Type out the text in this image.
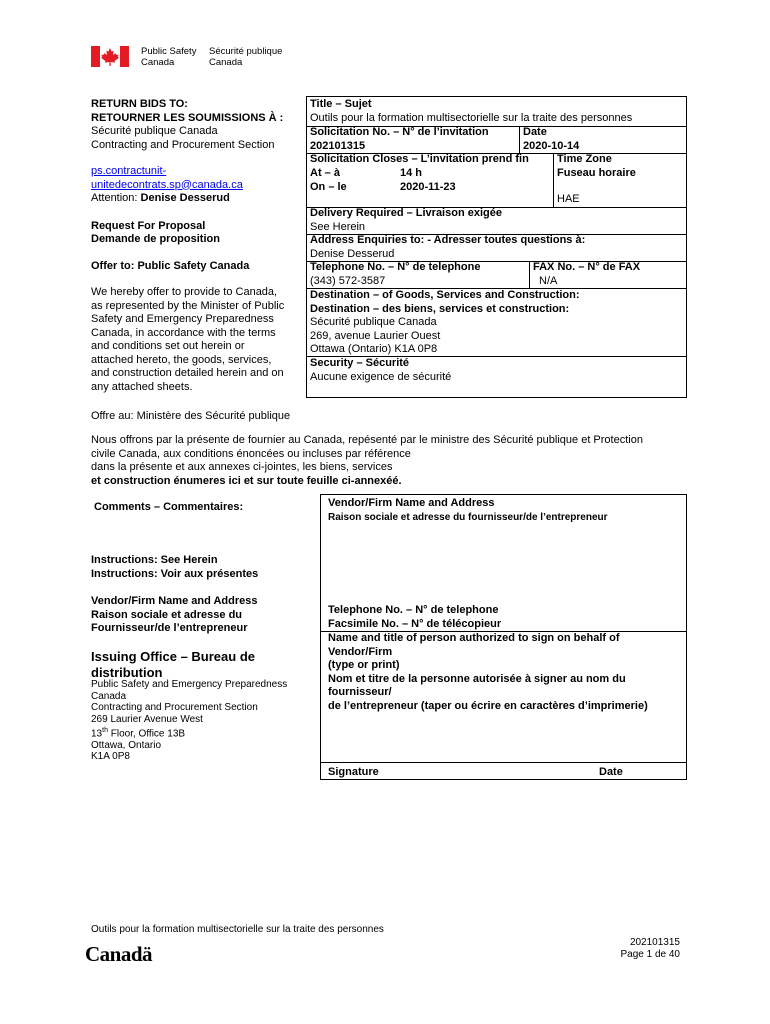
Public Safety
Canada
Sécurité publique
Canada
RETURN BIDS TO:
RETOURNER LES SOUMISSIONS À :
Sécurité publique Canada
Contracting and Procurement Section
ps.contractunit-
unitedecontrats.sp@canada.ca
Attention: Denise Desserud
Request For Proposal
Demande de proposition
Offer to: Public Safety Canada
We hereby offer to provide to Canada,
as represented by the Minister of Public
Safety and Emergency Preparedness
Canada, in accordance with the terms
and conditions set out herein or
attached hereto, the goods, services,
and construction detailed herein and on
any attached sheets.
Title – Sujet
Outils pour la formation multisectorielle sur la traite des personnes
Solicitation No. – N° de l’invitation
202101315
Date
2020-10-14
Solicitation Closes – L’invitation prend fin
At – à	14 h
On – le	2020-11-23
Time Zone
Fuseau horaire
HAE
Delivery Required – Livraison exigée
See Herein
Address Enquiries to: - Adresser toutes questions à:
Denise Desserud
Telephone No. – N° de telephone
(343) 572-3587
FAX No. – N° de FAX
N/A
Destination – of Goods, Services and Construction:
Destination – des biens, services et construction:
Sécurité publique Canada
269, avenue Laurier Ouest
Ottawa (Ontario) K1A 0P8
Security – Sécurité
Aucune exigence de sécurité
Offre au: Ministère des Sécurité publique
Nous offrons par la présente de fournier au Canada, repésenté par le ministre des Sécurité publique et Protection
civile Canada, aux conditions énoncées ou incluses par référence
dans la présente et aux annexes ci-jointes, les biens, services
et construction énumeres ici et sur toute feuille ci-annexéé.
Comments – Commentaires:
Instructions: See Herein
Instructions: Voir aux présentes
Vendor/Firm Name and Address
Raison sociale et adresse du
Fournisseur/de l’entrepreneur
Issuing Office – Bureau de
distribution
Public Safety and Emergency Preparedness
Canada
Contracting and Procurement Section
269 Laurier Avenue West
13th Floor, Office 13B
Ottawa, Ontario
K1A 0P8
Vendor/Firm Name and Address
Raison sociale et adresse du fournisseur/de l’entrepreneur
Telephone No. – N° de telephone
Facsimile No. – N° de télécopieur
Name and title of person authorized to sign on behalf of
Vendor/Firm
(type or print)
Nom et titre de la personne autorisée à signer au nom du
fournisseur/
de l’entrepreneur (taper ou écrire en caractères d’imprimerie)
Signature	Date
Outils pour la formation multisectorielle sur la traite des personnes
Canadä	202101315
Page 1 de 40
